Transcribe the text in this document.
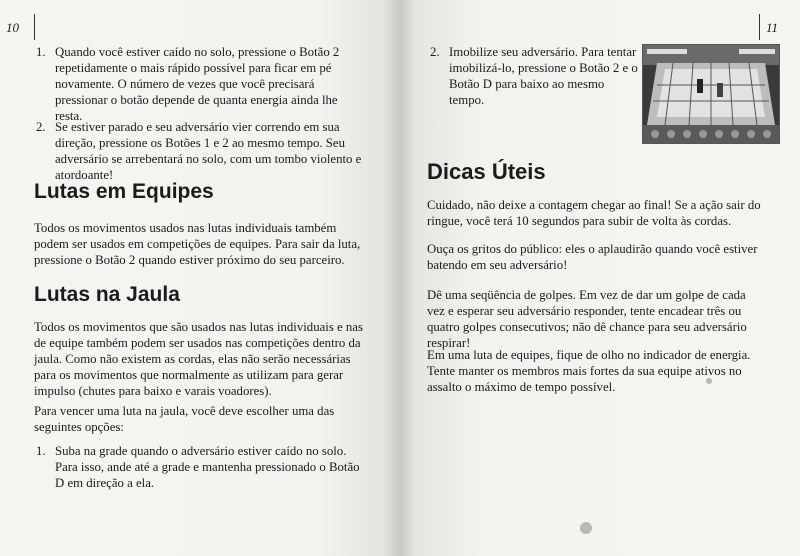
10
1. Quando você estiver caído no solo, pressione o Botão 2 repetidamente o mais rápido possível para ficar em pé novamente. O número de vezes que você precisará pressionar o botão depende de quanta energia ainda lhe resta.

2. Se estiver parado e seu adversário vier correndo em sua direção, pressione os Botões 1 e 2 ao mesmo tempo. Seu adversário se arrebentará no solo, com um tombo violento e atordoante!

Lutas em Equipes

Todos os movimentos usados nas lutas individuais também podem ser usados em competições de equipes. Para sair da luta, pressione o Botão 2 quando estiver próximo do seu parceiro.

Lutas na Jaula

Todos os movimentos que são usados nas lutas individuais e nas de equipe também podem ser usados nas competições dentro da jaula. Como não existem as cordas, elas não serão necessárias para os movimentos que normalmente as utilizam para gerar impulso (chutes para baixo e varais voadores).

Para vencer uma luta na jaula, você deve escolher uma das seguintes opções:

1. Suba na grade quando o adversário estiver caído no solo. Para isso, ande até a grade e mantenha pressionado o Botão D em direção a ela.

11
2. Imobilize seu adversário. Para tentar imobilizá-lo, pressione o Botão 2 e o Botão D para baixo ao mesmo tempo.

Dicas Úteis

Cuidado, não deixe a contagem chegar ao final! Se a ação sair do ringue, você terá 10 segundos para subir de volta às cordas.

Ouça os gritos do público: eles o aplaudirão quando você estiver batendo em seu adversário!

Dê uma seqüência de golpes. Em vez de dar um golpe de cada vez e esperar seu adversário responder, tente encadear três ou quatro golpes consecutivos; não dê chance para seu adversário respirar!

Em uma luta de equipes, fique de olho no indicador de energia. Tente manter os membros mais fortes da sua equipe ativos no assalto o máximo de tempo possível.
